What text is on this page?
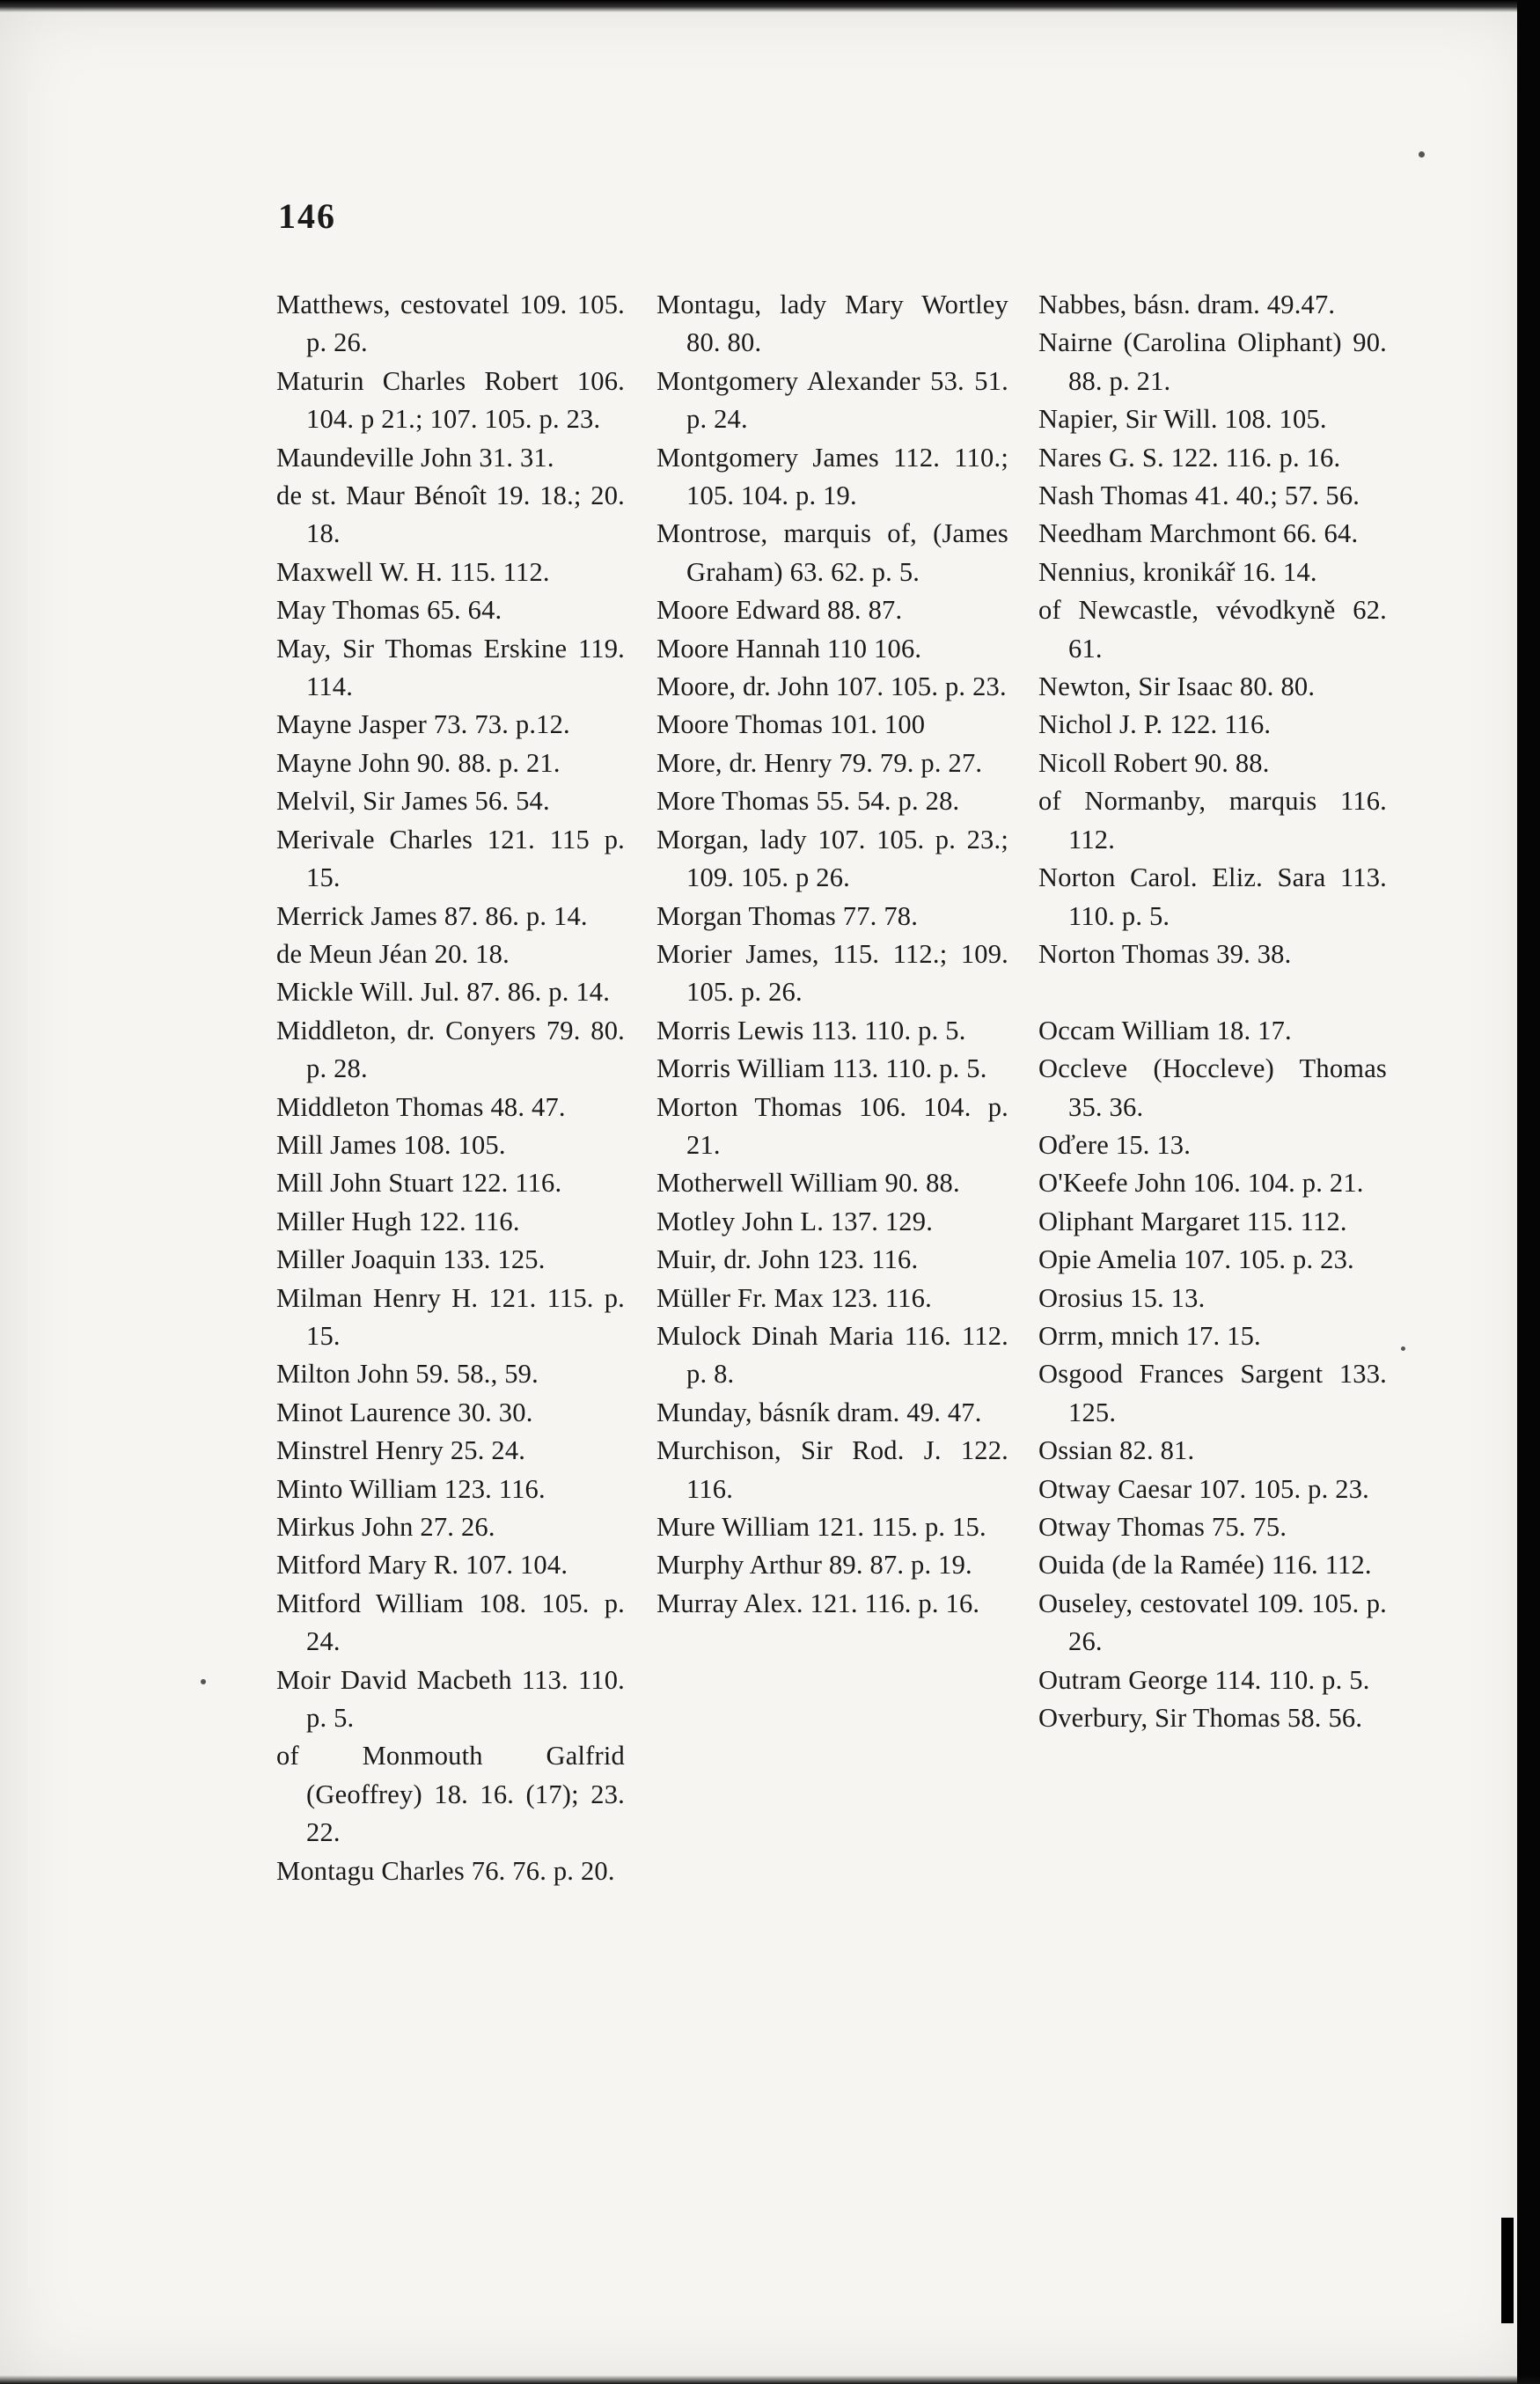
146
Matthews, cestovatel 109. 105. p. 26.
Maturin Charles Robert 106. 104. p 21.; 107. 105. p. 23.
Maundeville John 31. 31.
de st. Maur Bénoît 19. 18.; 20. 18.
Maxwell W. H. 115. 112.
May Thomas 65. 64.
May, Sir Thomas Erskine 119. 114.
Mayne Jasper 73. 73. p.12.
Mayne John 90. 88. p. 21.
Melvil, Sir James 56. 54.
Merivale Charles 121. 115 p. 15.
Merrick James 87. 86. p. 14.
de Meun Jéan 20. 18.
Mickle Will. Jul. 87. 86. p. 14.
Middleton, dr. Conyers 79. 80. p. 28.
Middleton Thomas 48. 47.
Mill James 108. 105.
Mill John Stuart 122. 116.
Miller Hugh 122. 116.
Miller Joaquin 133. 125.
Milman Henry H. 121. 115. p. 15.
Milton John 59. 58., 59.
Minot Laurence 30. 30.
Minstrel Henry 25. 24.
Minto William 123. 116.
Mirkus John 27. 26.
Mitford Mary R. 107. 104.
Mitford William 108. 105. p. 24.
Moir David Macbeth 113. 110. p. 5.
of Monmouth Galfrid (Geoffrey) 18. 16. (17); 23. 22.
Montagu Charles 76. 76. p. 20.
Montagu, lady Mary Wortley 80. 80.
Montgomery Alexander 53. 51. p. 24.
Montgomery James 112. 110.; 105. 104. p. 19.
Montrose, marquis of, (James Graham) 63. 62. p. 5.
Moore Edward 88. 87.
Moore Hannah 110 106.
Moore, dr. John 107. 105. p. 23.
Moore Thomas 101. 100
More, dr. Henry 79. 79. p. 27.
More Thomas 55. 54. p. 28.
Morgan, lady 107. 105. p. 23.; 109. 105. p 26.
Morgan Thomas 77. 78.
Morier James, 115. 112.; 109. 105. p. 26.
Morris Lewis 113. 110. p. 5.
Morris William 113. 110. p. 5.
Morton Thomas 106. 104. p. 21.
Motherwell William 90. 88.
Motley John L. 137. 129.
Muir, dr. John 123. 116.
Müller Fr. Max 123. 116.
Mulock Dinah Maria 116. 112. p. 8.
Munday, básník dram. 49. 47.
Murchison, Sir Rod. J. 122. 116.
Mure William 121. 115. p. 15.
Murphy Arthur 89. 87. p. 19.
Murray Alex. 121. 116. p. 16.
Nabbes, básn. dram. 49.47.
Nairne (Carolina Oliphant) 90. 88. p. 21.
Napier, Sir Will. 108. 105.
Nares G. S. 122. 116. p. 16.
Nash Thomas 41. 40.; 57. 56.
Needham Marchmont 66. 64.
Nennius, kronikář 16. 14.
of Newcastle, vévodkyně 62. 61.
Newton, Sir Isaac 80. 80.
Nichol J. P. 122. 116.
Nicoll Robert 90. 88.
of Normanby, marquis 116. 112.
Norton Carol. Eliz. Sara 113. 110. p. 5.
Norton Thomas 39. 38.
Occam William 18. 17.
Occleve (Hoccleve) Thomas 35. 36.
Oďere 15. 13.
O'Keefe John 106. 104. p. 21.
Oliphant Margaret 115. 112.
Opie Amelia 107. 105. p. 23.
Orosius 15. 13.
Orrm, mnich 17. 15.
Osgood Frances Sargent 133. 125.
Ossian 82. 81.
Otway Caesar 107. 105. p. 23.
Otway Thomas 75. 75.
Ouida (de la Ramée) 116. 112.
Ouseley, cestovatel 109. 105. p. 26.
Outram George 114. 110. p. 5.
Overbury, Sir Thomas 58. 56.
